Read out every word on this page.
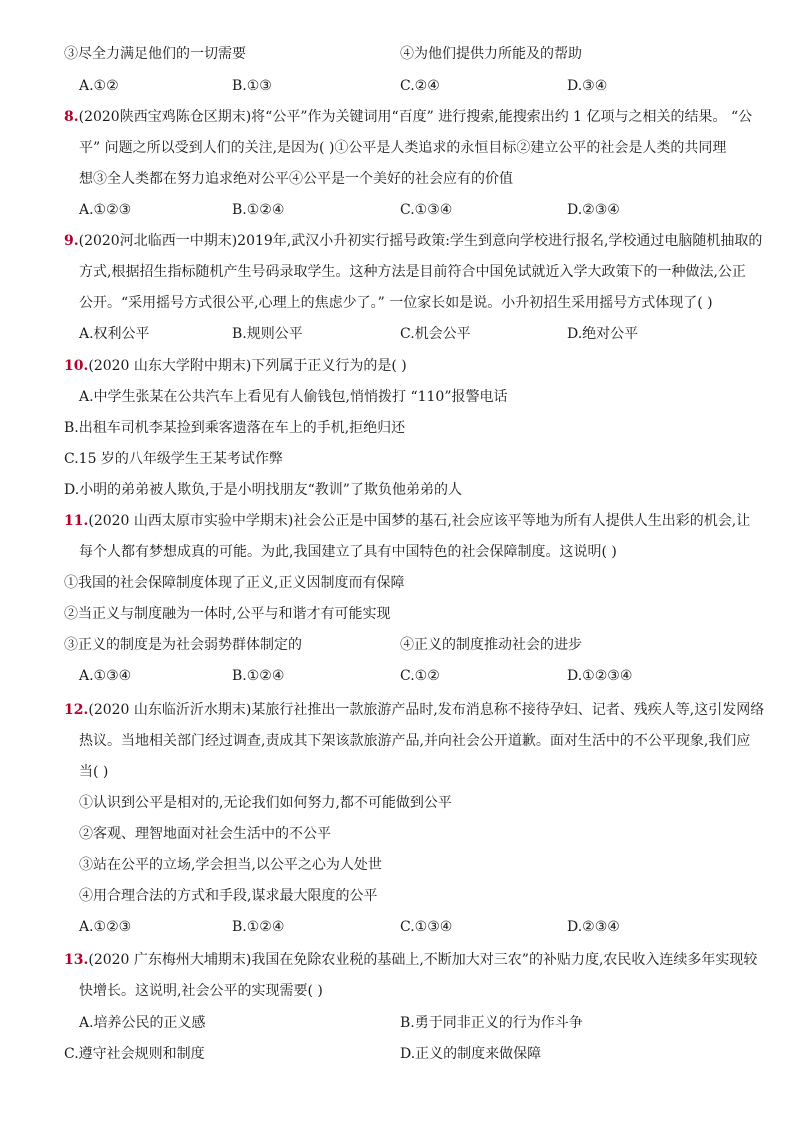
③尽全力满足他们的一切需要	④为他们提供力所能及的帮助
A.①②	B.①③	C.②④	D.③④
8.(2020陕西宝鸡陈仓区期末)将“公平”作为关键词用“百度” 进行搜索,能搜索出约 1 亿项与之相关的结果。 “公
平” 问题之所以受到人们的关注,是因为( )①公平是人类追求的永恒目标②建立公平的社会是人类的共同理
想③全人类都在努力追求绝对公平④公平是一个美好的社会应有的价值
A.①②③	B.①②④	C.①③④	D.②③④
9.(2020河北临西一中期末)2019年,武汉小升初实行摇号政策:学生到意向学校进行报名,学校通过电脑随机抽取的
方式,根据招生指标随机产生号码录取学生。这种方法是目前符合中国免试就近入学大政策下的一种做法,公正
公开。“采用摇号方式很公平,心理上的焦虑少了。” 一位家长如是说。小升初招生采用摇号方式体现了( )
A.权利公平	B.规则公平	C.机会公平	D.绝对公平
10.(2020 山东大学附中期末)下列属于正义行为的是( )
A.中学生张某在公共汽车上看见有人偷钱包,悄悄拨打 “110”报警电话
B.出租车司机李某捡到乘客遗落在车上的手机,拒绝归还
C.15 岁的八年级学生王某考试作弊
D.小明的弟弟被人欺负,于是小明找朋友“教训”了欺负他弟弟的人
11.(2020 山西太原市实验中学期末)社会公正是中国梦的基石,社会应该平等地为所有人提供人生出彩的机会,让
每个人都有梦想成真的可能。为此,我国建立了具有中国特色的社会保障制度。这说明( )
①我国的社会保障制度体现了正义,正义因制度而有保障
②当正义与制度融为一体时,公平与和谐才有可能实现
③正义的制度是为社会弱势群体制定的	④正义的制度推动社会的进步
A.①③④	B.①②④	C.①②	D.①②③④
12.(2020 山东临沂沂水期末)某旅行社推出一款旅游产品时,发布消息称不接待孕妇、记者、残疾人等,这引发网络
热议。当地相关部门经过调查,责成其下架该款旅游产品,并向社会公开道歉。面对生活中的不公平现象,我们应
当( )
①认识到公平是相对的,无论我们如何努力,都不可能做到公平
②客观、理智地面对社会生活中的不公平
③站在公平的立场,学会担当,以公平之心为人处世
④用合理合法的方式和手段,谋求最大限度的公平
A.①②③	B.①②④	C.①③④	D.②③④
13.(2020 广东梅州大埔期末)我国在免除农业税的基础上,不断加大对三农”的补贴力度,农民收入连续多年实现较
快增长。这说明,社会公平的实现需要( )
A.培养公民的正义感	B.勇于同非正义的行为作斗争
C.遵守社会规则和制度	D.正义的制度来做保障
